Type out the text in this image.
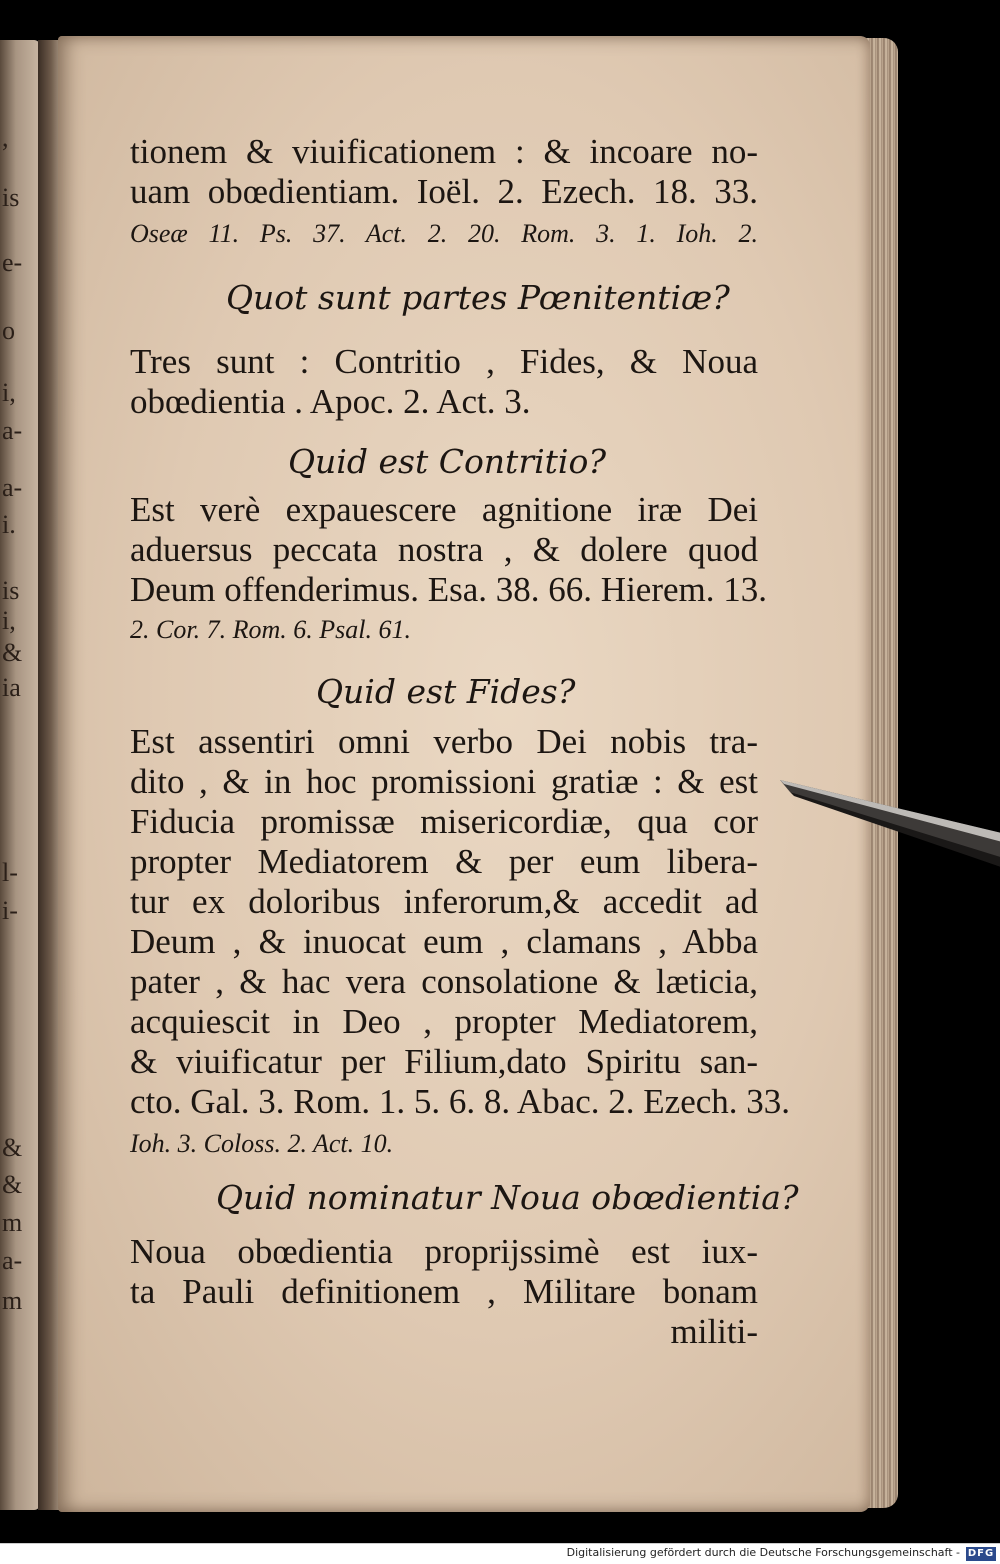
,
is
e-
o
i,
a-
a-
i.
is
i,
&
ia
l-
i-
&
&
m
a-
m
tionem & viuificationem : & incoare no-
uam obœdientiam. Ioël. 2. Ezech. 18. 33.
Oseæ 11. Ps. 37. Act. 2. 20. Rom. 3. 1. Ioh. 2.
Quot sunt partes Pœnitentiæ?
Tres sunt : Contritio , Fides, & Noua
obœdientia . Apoc. 2. Act. 3.
Quid est Contritio?
Est verè expauescere agnitione iræ Dei
aduersus peccata nostra , & dolere quod
Deum offenderimus. Esa. 38. 66. Hierem. 13.
2. Cor. 7. Rom. 6. Psal. 61.
Quid est Fides?
Est assentiri omni verbo Dei nobis tra-
dito , & in hoc promissioni gratiæ : & est
Fiducia promissæ misericordiæ, qua cor
propter Mediatorem & per eum libera-
tur ex doloribus inferorum,& accedit ad
Deum , & inuocat eum , clamans , Abba
pater , & hac vera consolatione & læticia,
acquiescit in Deo , propter Mediatorem,
& viuificatur per Filium,dato Spiritu san-
cto. Gal. 3. Rom. 1. 5. 6. 8. Abac. 2. Ezech. 33.
Ioh. 3. Coloss. 2. Act. 10.
Quid nominatur Noua obœdientia?
Noua obœdientia proprijssimè est iux-
ta Pauli definitionem , Militare bonam
militi-
Digitalisierung gefördert durch die Deutsche Forschungsgemeinschaft - DFG
